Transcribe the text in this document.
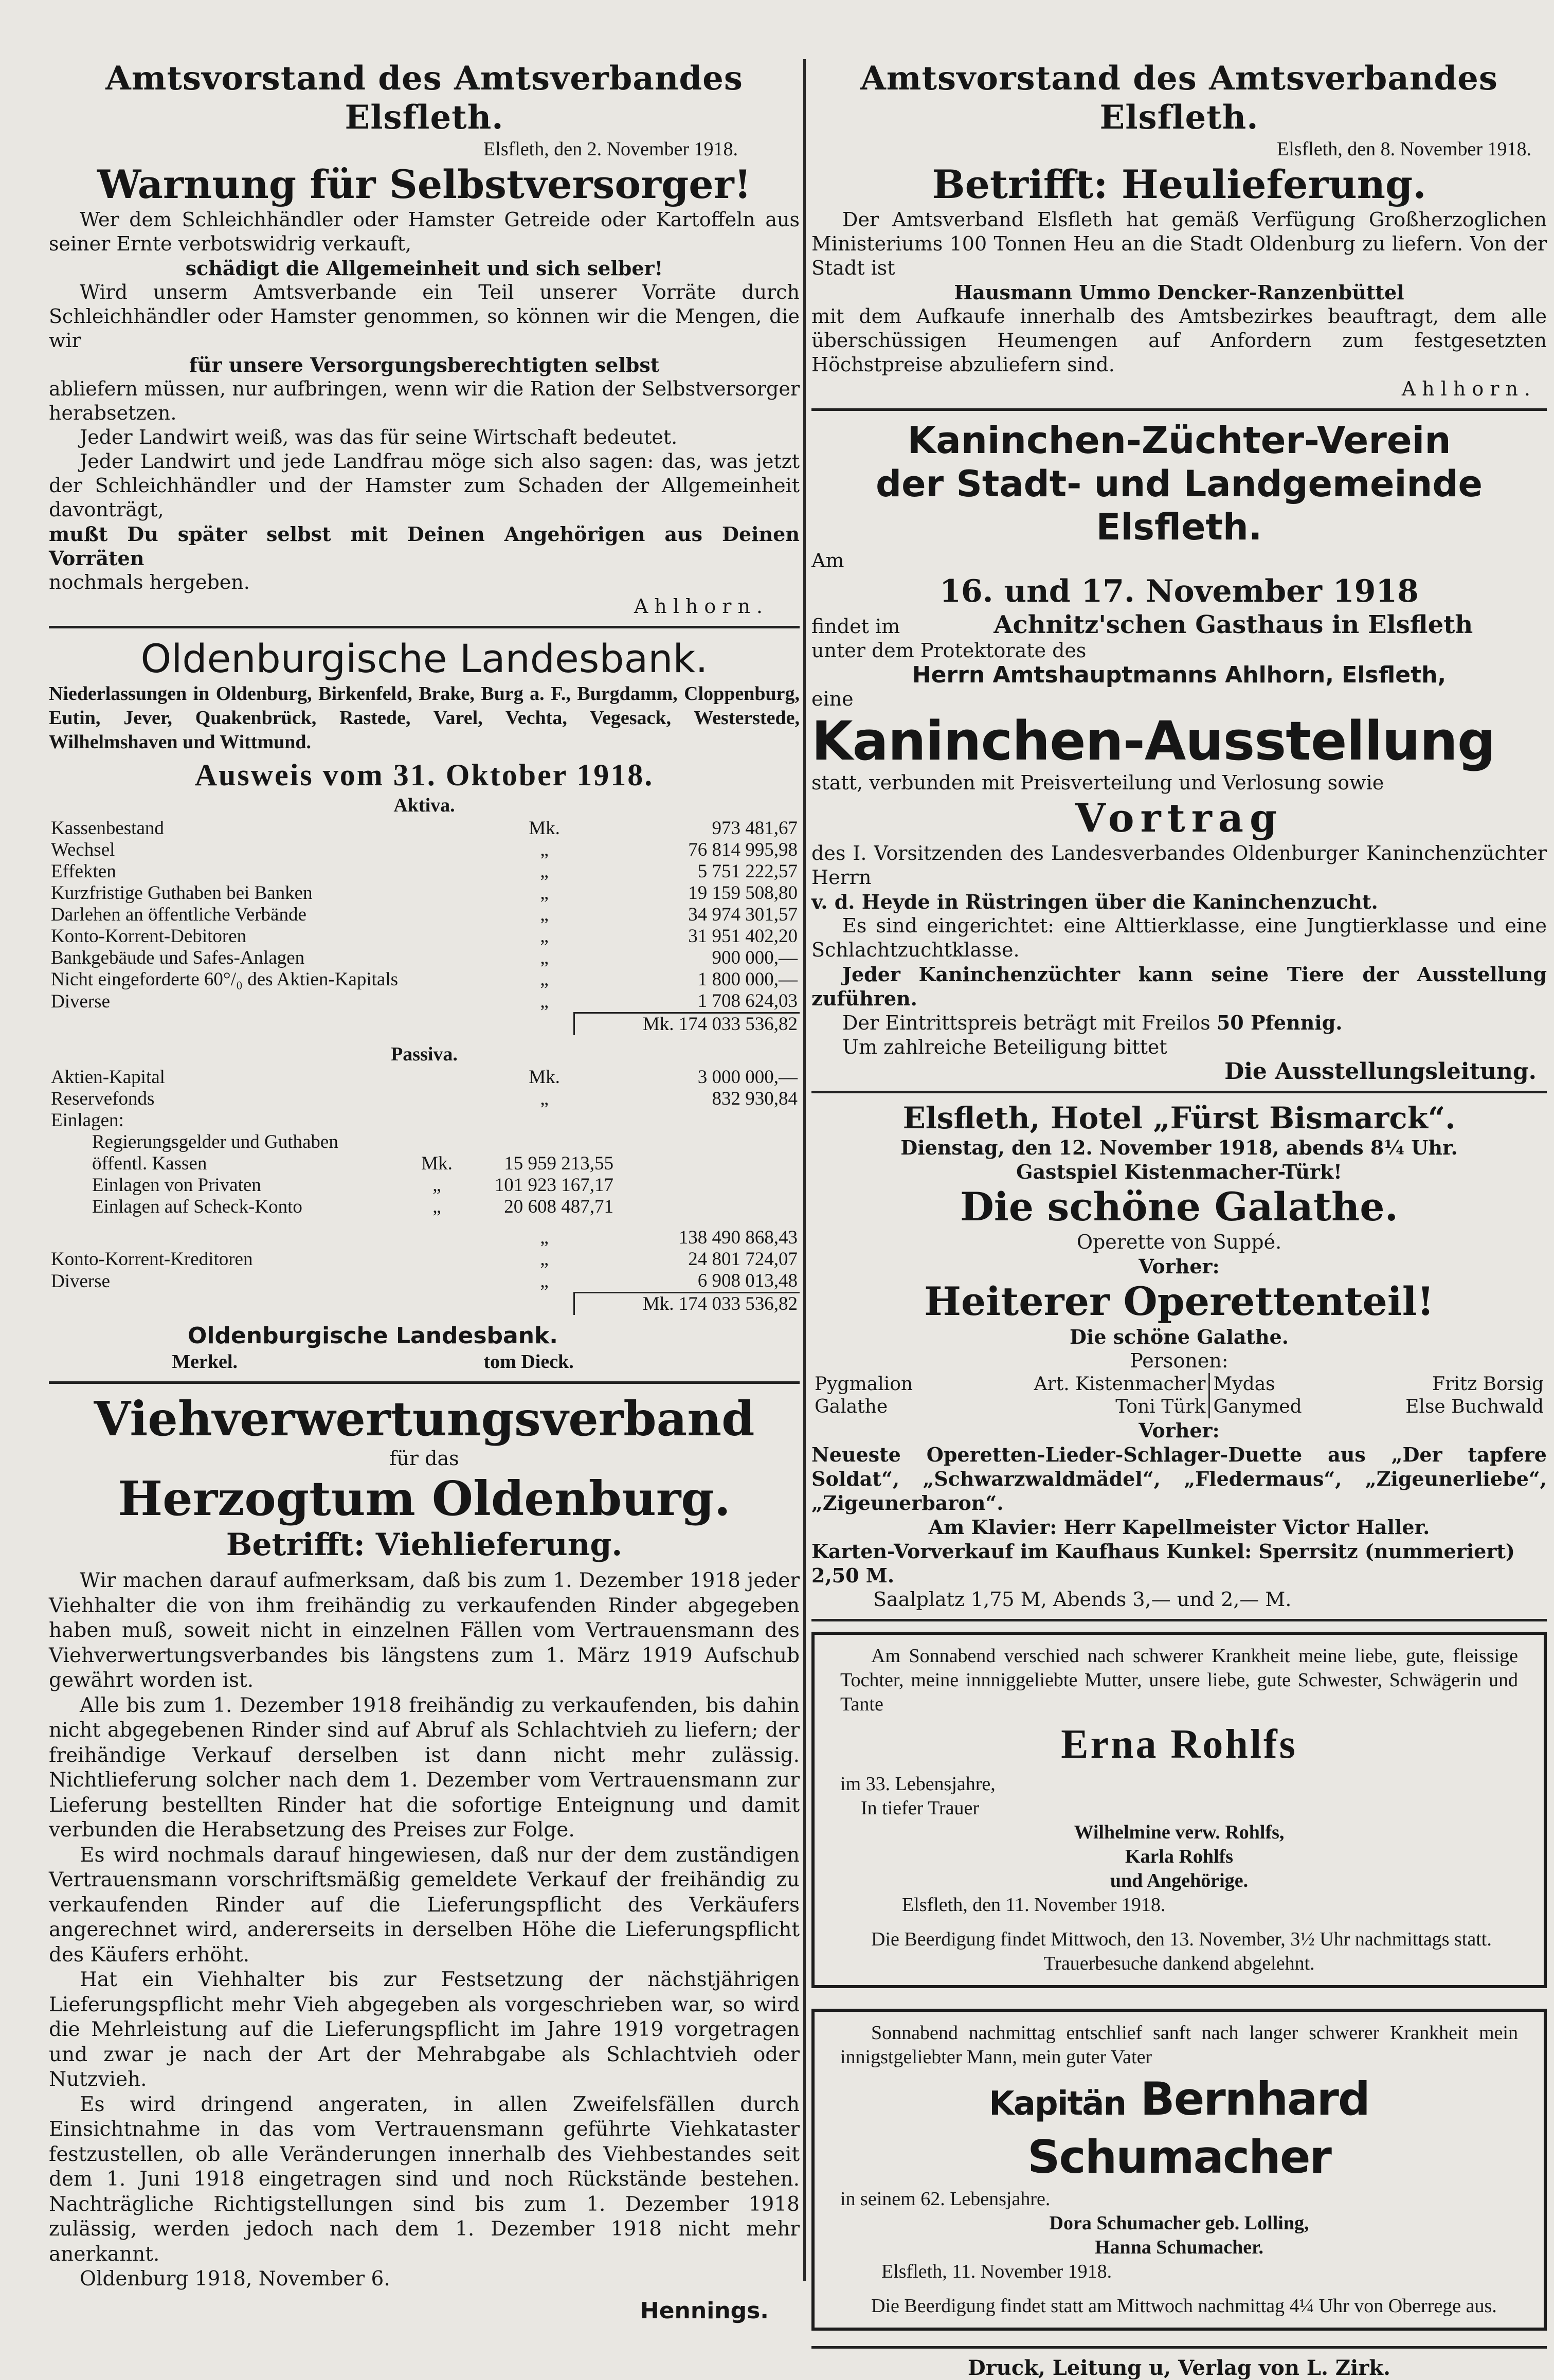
Amtsvorstand des Amtsverbandes Elsfleth.

Elsfleth, den 2. November 1918.

Warnung für Selbstversorger!

Wer dem Schleichhändler oder Hamster Getreide oder Kartoffeln aus seiner Ernte verbotswidrig verkauft,

schädigt die Allgemeinheit und sich selber!

Wird unserm Amtsverbande ein Teil unserer Vorräte durch Schleichhändler oder Hamster genommen, so können wir die Mengen, die wir

für unsere Versorgungsberechtigten selbst

abliefern müssen, nur aufbringen, wenn wir die Ration der Selbstversorger herabsetzen.

Jeder Landwirt weiß, was das für seine Wirtschaft bedeutet.

Jeder Landwirt und jede Landfrau möge sich also sagen: das, was jetzt der Schleichhändler und der Hamster zum Schaden der Allgemeinheit davonträgt,

mußt Du später selbst mit Deinen Angehörigen aus Deinen Vorräten

nochmals hergeben.

Ahlhorn.

Oldenburgische Landesbank.

Niederlassungen in Oldenburg, Birkenfeld, Brake, Burg a. F., Burgdamm, Cloppenburg, Eutin, Jever, Quakenbrück, Rastede, Varel, Vechta, Vegesack, Westerstede, Wilhelmshaven und Wittmund.

Ausweis vom 31. Oktober 1918.

Aktiva.

Kassenbestand	Mk.	973 481,67
Wechsel	„	76 814 995,98
Effekten	„	5 751 222,57
Kurzfristige Guthaben bei Banken	„	19 159 508,80
Darlehen an öffentliche Verbände	„	34 974 301,57
Konto-Korrent-Debitoren	„	31 951 402,20
Bankgebäude und Safes-Anlagen	„	900 000,—
Nicht eingeforderte 60°/₀ des Aktien-Kapitals	„	1 800 000,—
Diverse	„	1 708 624,03
		Mk. 174 033 536,82

Passiva.

Aktien-Kapital	Mk.	3 000 000,—
Reservefonds	„	832 930,84
Einlagen:		
Regierungsgelder und Guthaben		
öffentl. Kassen	Mk.	15 959 213,55
Einlagen von Privaten	„	101 923 167,17
Einlagen auf Scheck-Konto	„	20 608 487,71
	„	138 490 868,43
Konto-Korrent-Kreditoren	„	24 801 724,07
Diverse	„	6 908 013,48
		Mk. 174 033 536,82

Oldenburgische Landesbank.

Merkel.	tom Dieck.

Viehverwertungsverband

für das

Herzogtum Oldenburg.

Betrifft: Viehlieferung.

Wir machen darauf aufmerksam, daß bis zum 1. Dezember 1918 jeder Viehhalter die von ihm freihändig zu verkaufenden Rinder abgegeben haben muß, soweit nicht in einzelnen Fällen vom Vertrauensmann des Viehverwertungsverbandes bis längstens zum 1. März 1919 Aufschub gewährt worden ist.

Alle bis zum 1. Dezember 1918 freihändig zu verkaufenden, bis dahin nicht abgegebenen Rinder sind auf Abruf als Schlachtvieh zu liefern; der freihändige Verkauf derselben ist dann nicht mehr zulässig. Nichtlieferung solcher nach dem 1. Dezember vom Vertrauensmann zur Lieferung bestellten Rinder hat die sofortige Enteignung und damit verbunden die Herabsetzung des Preises zur Folge.

Es wird nochmals darauf hingewiesen, daß nur der dem zuständigen Vertrauensmann vorschriftsmäßig gemeldete Verkauf der freihändig zu verkaufenden Rinder auf die Lieferungspflicht des Verkäufers angerechnet wird, andererseits in derselben Höhe die Lieferungspflicht des Käufers erhöht.

Hat ein Viehhalter bis zur Festsetzung der nächstjährigen Lieferungspflicht mehr Vieh abgegeben als vorgeschrieben war, so wird die Mehrleistung auf die Lieferungspflicht im Jahre 1919 vorgetragen und zwar je nach der Art der Mehrabgabe als Schlachtvieh oder Nutzvieh.

Es wird dringend angeraten, in allen Zweifelsfällen durch Einsichtnahme in das vom Vertrauensmann geführte Viehkataster festzustellen, ob alle Veränderungen innerhalb des Viehbestandes seit dem 1. Juni 1918 eingetragen sind und noch Rückstände bestehen. Nachträgliche Richtigstellungen sind bis zum 1. Dezember 1918 zulässig, werden jedoch nach dem 1. Dezember 1918 nicht mehr anerkannt.

Oldenburg 1918, November 6.

Hennings.

Amtsvorstand des Amtsverbandes Elsfleth.

Elsfleth, den 8. November 1918.

Betrifft: Heulieferung.

Der Amtsverband Elsfleth hat gemäß Verfügung Großherzoglichen Ministeriums 100 Tonnen Heu an die Stadt Oldenburg zu liefern. Von der Stadt ist

Hausmann Ummo Dencker-Ranzenbüttel

mit dem Aufkaufe innerhalb des Amtsbezirkes beauftragt, dem alle überschüssigen Heumengen auf Anfordern zum festgesetzten Höchstpreise abzuliefern sind.

Ahlhorn.

Kaninchen-Züchter-Verein

der Stadt- und Landgemeinde Elsfleth.

Am

16. und 17. November 1918

findet im	Achnitz'schen Gasthaus in Elsfleth

unter dem Protektorate des

Herrn Amtshauptmanns Ahlhorn, Elsfleth,

eine

Kaninchen-Ausstellung

statt, verbunden mit Preisverteilung und Verlosung sowie

Vortrag

des I. Vorsitzenden des Landesverbandes Oldenburger Kaninchenzüchter Herrn

v. d. Heyde in Rüstringen über die Kaninchenzucht.

Es sind eingerichtet: eine Alttierklasse, eine Jungtierklasse und eine Schlachtzuchtklasse.

Jeder Kaninchenzüchter kann seine Tiere der Ausstellung zuführen.

Der Eintrittspreis beträgt mit Freilos 50 Pfennig.

Um zahlreiche Beteiligung bittet

Die Ausstellungsleitung.

Elsfleth, Hotel „Fürst Bismarck“.

Dienstag, den 12. November 1918, abends 8¼ Uhr.

Gastspiel Kistenmacher-Türk!

Die schöne Galathe.

Operette von Suppé.

Vorher:

Heiterer Operettenteil!

Die schöne Galathe.

Personen:

Pygmalion	Art. Kistenmacher	Mydas	Fritz Borsig
Galathe	Toni Türk	Ganymed	Else Buchwald

Vorher:

Neueste Operetten-Lieder-Schlager-Duette aus „Der tapfere Soldat“, „Schwarzwaldmädel“, „Fledermaus“, „Zigeunerliebe“, „Zigeunerbaron“.

Am Klavier: Herr Kapellmeister Victor Haller.

Karten-Vorverkauf im Kaufhaus Kunkel: Sperrsitz (nummeriert) 2,50 M.

Saalplatz 1,75 M, Abends 3,— und 2,— M.

Am Sonnabend verschied nach schwerer Krankheit meine liebe, gute, fleissige Tochter, meine innniggeliebte Mutter, unsere liebe, gute Schwester, Schwägerin und Tante

Erna Rohlfs

im 33. Lebensjahre,

In tiefer Trauer

Wilhelmine verw. Rohlfs,

Karla Rohlfs

und Angehörige.

Elsfleth, den 11. November 1918.

Die Beerdigung findet Mittwoch, den 13. November, 3½ Uhr nachmittags statt.

Trauerbesuche dankend abgelehnt.

Sonnabend nachmittag entschlief sanft nach langer schwerer Krankheit mein innigstgeliebter Mann, mein guter Vater

Kapitän Bernhard Schumacher

in seinem 62. Lebensjahre.

Dora Schumacher geb. Lolling,

Hanna Schumacher.

Elsfleth, 11. November 1918.

Die Beerdigung findet statt am Mittwoch nachmittag 4¼ Uhr von Oberrege aus.

Druck, Leitung u, Verlag von L. Zirk.
